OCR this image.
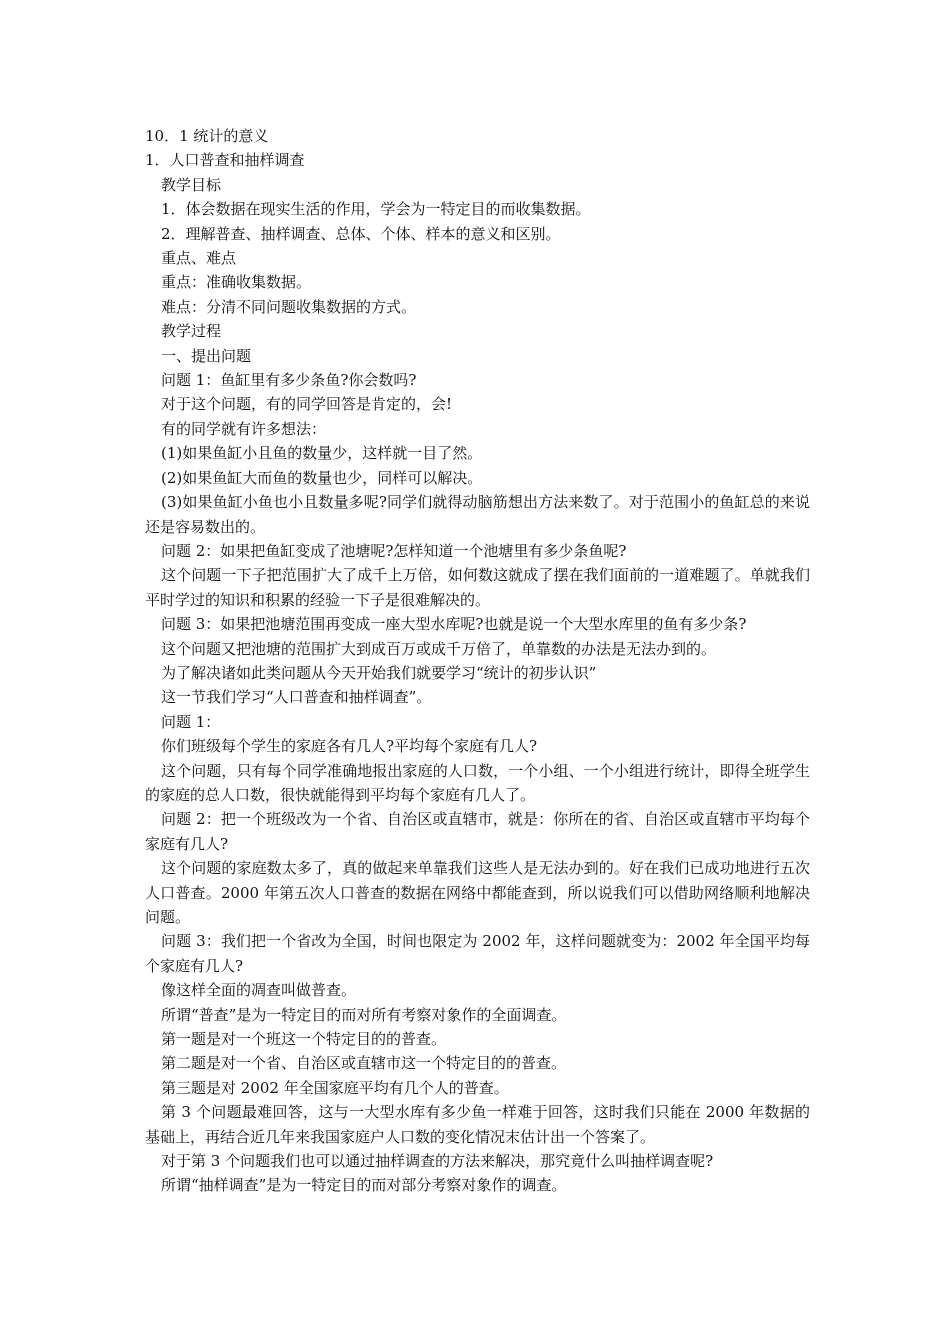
10．1 统计的意义

1．人口普查和抽样调查

教学目标

1．体会数据在现实生活的作用，学会为一特定目的而收集数据。

2．理解普查、抽样调查、总体、个体、样本的意义和区别。

重点、难点

重点：准确收集数据。

难点：分清不同问题收集数据的方式。

教学过程

一、提出问题

问题 1：鱼缸里有多少条鱼?你会数吗?

对于这个问题，有的同学回答是肯定的，会!

有的同学就有许多想法：

(1)如果鱼缸小且鱼的数量少，这样就一目了然。

(2)如果鱼缸大而鱼的数量也少，同样可以解决。

(3)如果鱼缸小鱼也小且数量多呢?同学们就得动脑筋想出方法来数了。对于范围小的鱼缸总的来说还是容易数出的。

问题 2：如果把鱼缸变成了池塘呢?怎样知道一个池塘里有多少条鱼呢?

这个问题一下子把范围扩大了成千上万倍，如何数这就成了摆在我们面前的一道难题了。单就我们平时学过的知识和积累的经验一下子是很难解决的。

问题 3：如果把池塘范围再变成一座大型水库呢?也就是说一个大型水库里的鱼有多少条?

这个问题又把池塘的范围扩大到成百万或成千万倍了，单靠数的办法是无法办到的。

为了解决诸如此类问题从今天开始我们就要学习“统计的初步认识”

这一节我们学习“人口普查和抽样调查”。

问题 1：

你们班级每个学生的家庭各有几人?平均每个家庭有几人?

这个问题，只有每个同学准确地报出家庭的人口数，一个小组、一个小组进行统计，即得全班学生的家庭的总人口数，很快就能得到平均每个家庭有几人了。

问题 2：把一个班级改为一个省、自治区或直辖市，就是：你所在的省、自治区或直辖市平均每个家庭有几人?

这个问题的家庭数太多了，真的做起来单靠我们这些人是无法办到的。好在我们已成功地进行五次人口普查。2000 年第五次人口普查的数据在网络中都能查到，所以说我们可以借助网络顺利地解决问题。

问题 3：我们把一个省改为全国，时间也限定为 2002 年，这样问题就变为：2002 年全国平均每个家庭有几人?

像这样全面的凋查叫做普查。

所谓“普查”是为一特定目的而对所有考察对象作的全面调查。

第一题是对一个班这一个特定目的的普查。

第二题是对一个省、自治区或直辖市这一个特定目的的普查。

第三题是对 2002 年全国家庭平均有几个人的普查。

第 3 个问题最难回答，这与一大型水库有多少鱼一样难于回答，这时我们只能在 2000 年数据的基础上，再结合近几年来我国家庭户人口数的变化情况末估计出一个答案了。

对于第 3 个问题我们也可以通过抽样调查的方法来解决，那究竟什么叫抽样调查呢?

所谓“抽样调查”是为一特定目的而对部分考察对象作的调查。
